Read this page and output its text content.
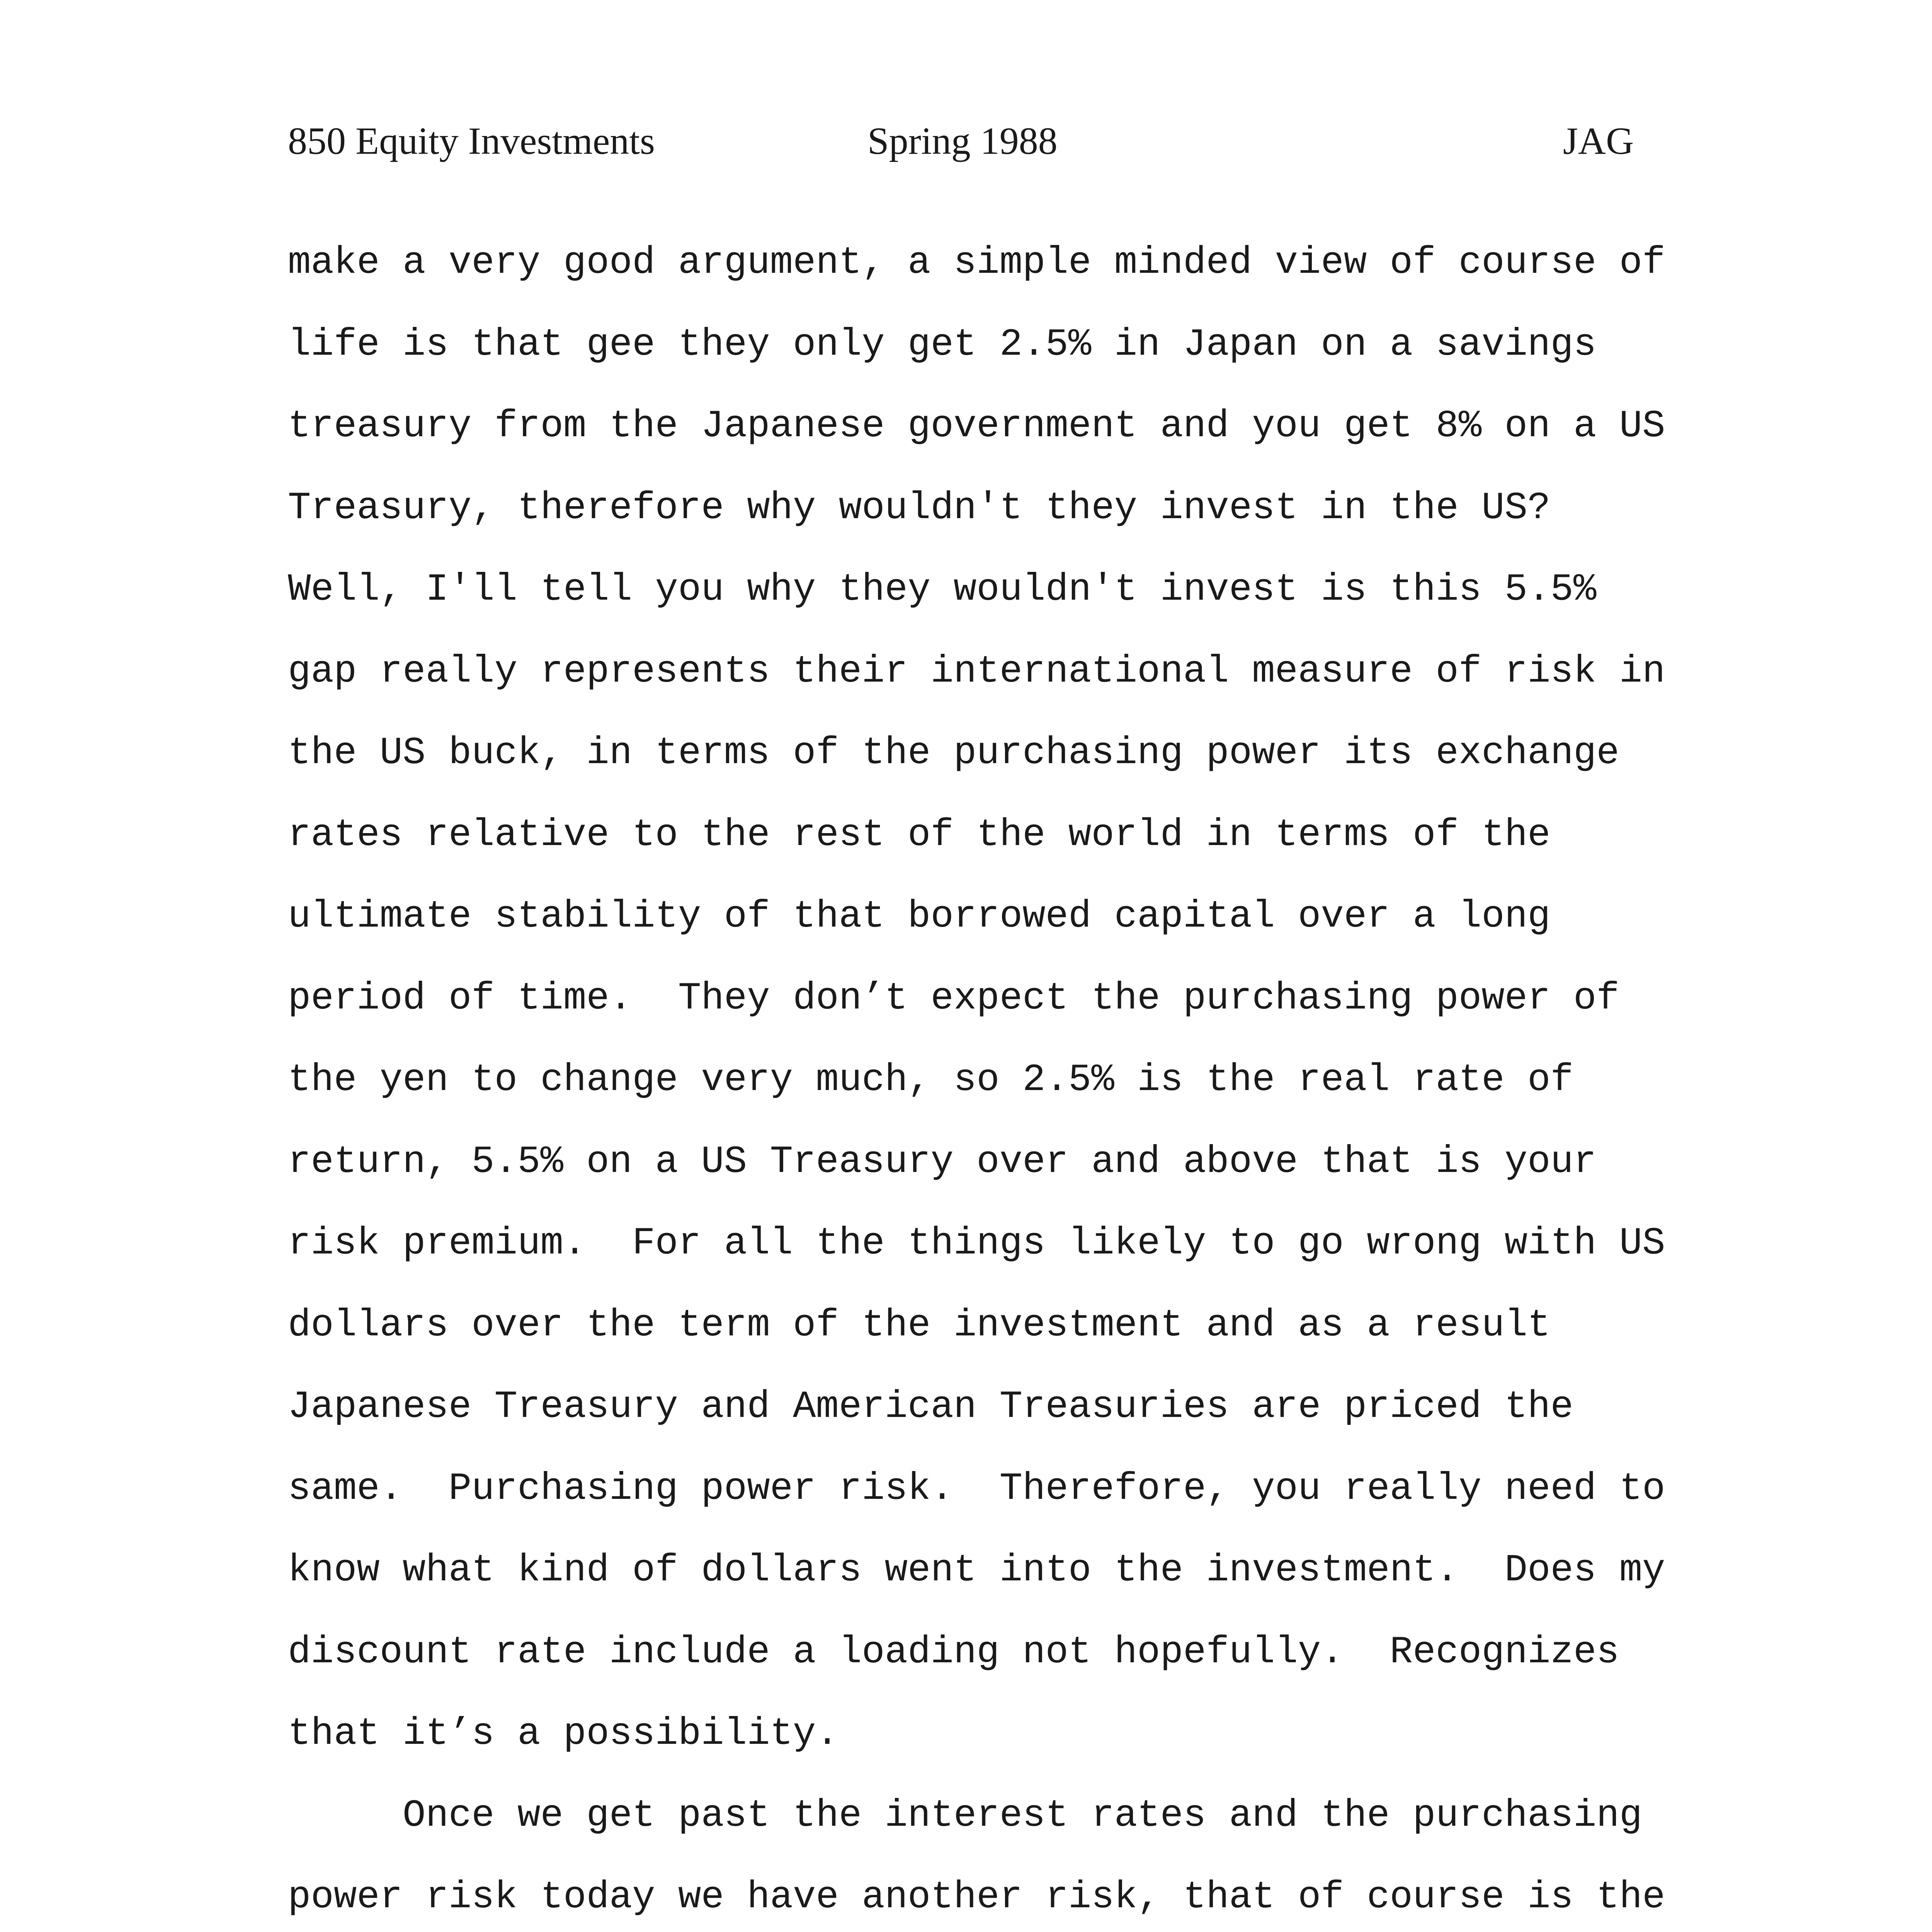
850 Equity Investments	Spring 1988	JAG
make a very good argument, a simple minded view of course of
life is that gee they only get 2.5% in Japan on a savings
treasury from the Japanese government and you get 8% on a US
Treasury, therefore why wouldn't they invest in the US?
Well, I'll tell you why they wouldn't invest is this 5.5%
gap really represents their international measure of risk in
the US buck, in terms of the purchasing power its exchange
rates relative to the rest of the world in terms of the
ultimate stability of that borrowed capital over a long
period of time.  They don’t expect the purchasing power of
the yen to change very much, so 2.5% is the real rate of
return, 5.5% on a US Treasury over and above that is your
risk premium.  For all the things likely to go wrong with US
dollars over the term of the investment and as a result
Japanese Treasury and American Treasuries are priced the
same.  Purchasing power risk.  Therefore, you really need to
know what kind of dollars went into the investment.  Does my
discount rate include a loading not hopefully.  Recognizes
that it’s a possibility.
Once we get past the interest rates and the purchasing
power risk today we have another risk, that of course is the
